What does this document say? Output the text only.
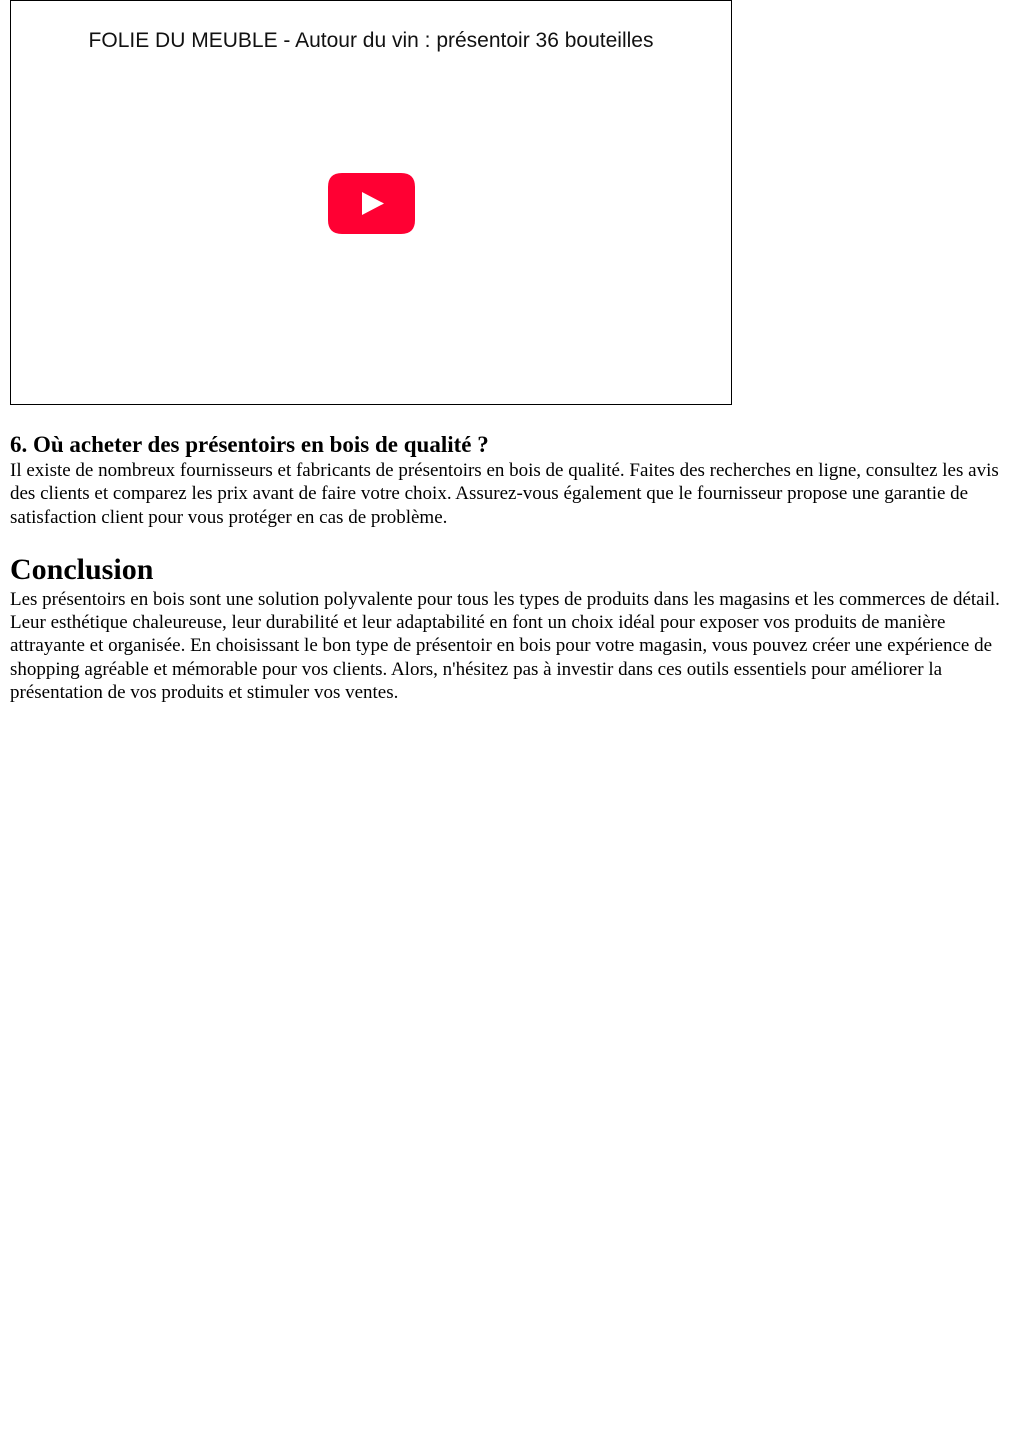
FOLIE DU MEUBLE - Autour du vin : présentoir 36 bouteilles
6. Où acheter des présentoirs en bois de qualité ?

Il existe de nombreux fournisseurs et fabricants de présentoirs en bois de qualité. Faites des recherches en ligne, consultez les avis des clients et comparez les prix avant de faire votre choix. Assurez-vous également que le fournisseur propose une garantie de satisfaction client pour vous protéger en cas de problème.

Conclusion

Les présentoirs en bois sont une solution polyvalente pour tous les types de produits dans les magasins et les commerces de détail. Leur esthétique chaleureuse, leur durabilité et leur adaptabilité en font un choix idéal pour exposer vos produits de manière attrayante et organisée. En choisissant le bon type de présentoir en bois pour votre magasin, vous pouvez créer une expérience de shopping agréable et mémorable pour vos clients. Alors, n'hésitez pas à investir dans ces outils essentiels pour améliorer la présentation de vos produits et stimuler vos ventes.
